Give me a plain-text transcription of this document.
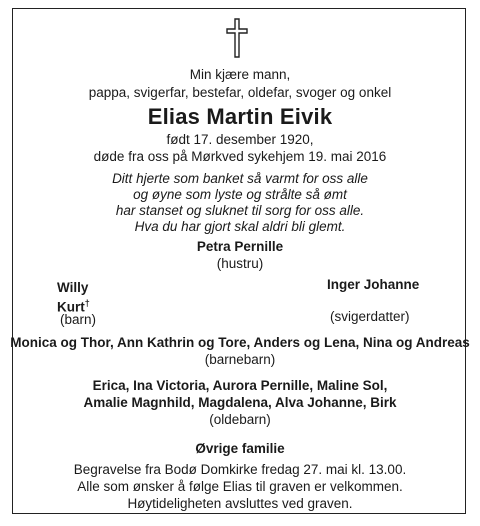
Min kjære mann,
pappa, svigerfar, bestefar, oldefar, svoger og onkel
Elias Martin Eivik
født 17. desember 1920,
døde fra oss på Mørkved sykehjem 19. mai 2016
Ditt hjerte som banket så varmt for oss alle
og øyne som lyste og strålte så ømt
har stanset og sluknet til sorg for oss alle.
Hva du har gjort skal aldri bli glemt.
Petra Pernille
(hustru)
Willy
Kurt†
(barn)
Inger Johanne
(svigerdatter)
Monica og Thor, Ann Kathrin og Tore, Anders og Lena, Nina og Andreas
(barnebarn)
Erica, Ina Victoria, Aurora Pernille, Maline Sol,
Amalie Magnhild, Magdalena, Alva Johanne, Birk
(oldebarn)
Øvrige familie
Begravelse fra Bodø Domkirke fredag 27. mai kl. 13.00.
Alle som ønsker å følge Elias til graven er velkommen.
Høytideligheten avsluttes ved graven.
